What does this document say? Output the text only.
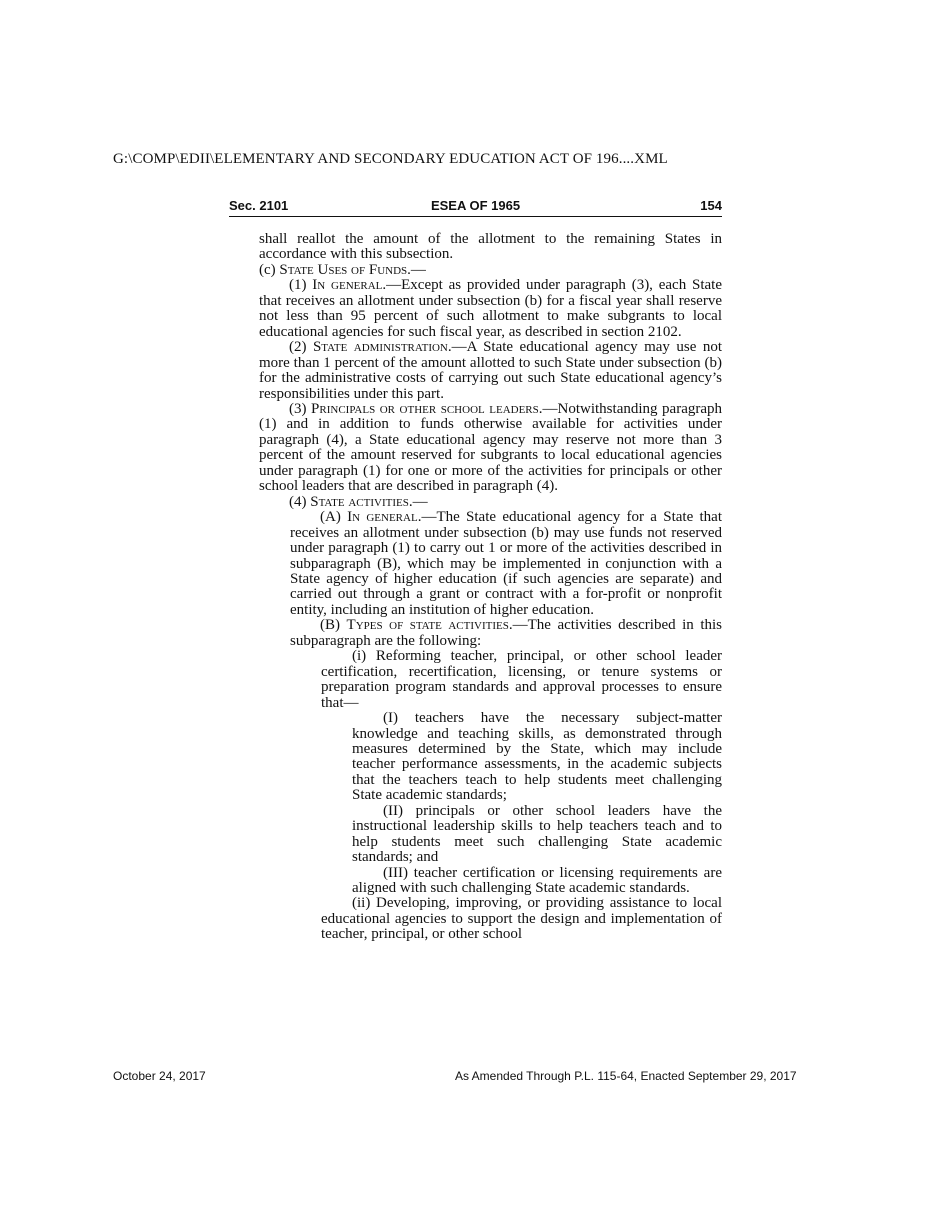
G:\COMP\EDII\ELEMENTARY AND SECONDARY EDUCATION ACT OF 196....XML
Sec. 2101	ESEA OF 1965	154
shall reallot the amount of the allotment to the remaining States in accordance with this subsection.
(c) State Uses of Funds.—
(1) In general.—Except as provided under paragraph (3), each State that receives an allotment under subsection (b) for a fiscal year shall reserve not less than 95 percent of such allotment to make subgrants to local educational agencies for such fiscal year, as described in section 2102.
(2) State administration.—A State educational agency may use not more than 1 percent of the amount allotted to such State under subsection (b) for the administrative costs of carrying out such State educational agency’s responsibilities under this part.
(3) Principals or other school leaders.—Notwithstanding paragraph (1) and in addition to funds otherwise available for activities under paragraph (4), a State educational agency may reserve not more than 3 percent of the amount reserved for subgrants to local educational agencies under paragraph (1) for one or more of the activities for principals or other school leaders that are described in paragraph (4).
(4) State activities.—
(A) In general.—The State educational agency for a State that receives an allotment under subsection (b) may use funds not reserved under paragraph (1) to carry out 1 or more of the activities described in subparagraph (B), which may be implemented in conjunction with a State agency of higher education (if such agencies are separate) and carried out through a grant or contract with a for-profit or nonprofit entity, including an institution of higher education.
(B) Types of state activities.—The activities described in this subparagraph are the following:
(i) Reforming teacher, principal, or other school leader certification, recertification, licensing, or tenure systems or preparation program standards and approval processes to ensure that—
(I) teachers have the necessary subject-matter knowledge and teaching skills, as demonstrated through measures determined by the State, which may include teacher performance assessments, in the academic subjects that the teachers teach to help students meet challenging State academic standards;
(II) principals or other school leaders have the instructional leadership skills to help teachers teach and to help students meet such challenging State academic standards; and
(III) teacher certification or licensing requirements are aligned with such challenging State academic standards.
(ii) Developing, improving, or providing assistance to local educational agencies to support the design and implementation of teacher, principal, or other school
October 24, 2017	As Amended Through P.L. 115-64, Enacted September 29, 2017
